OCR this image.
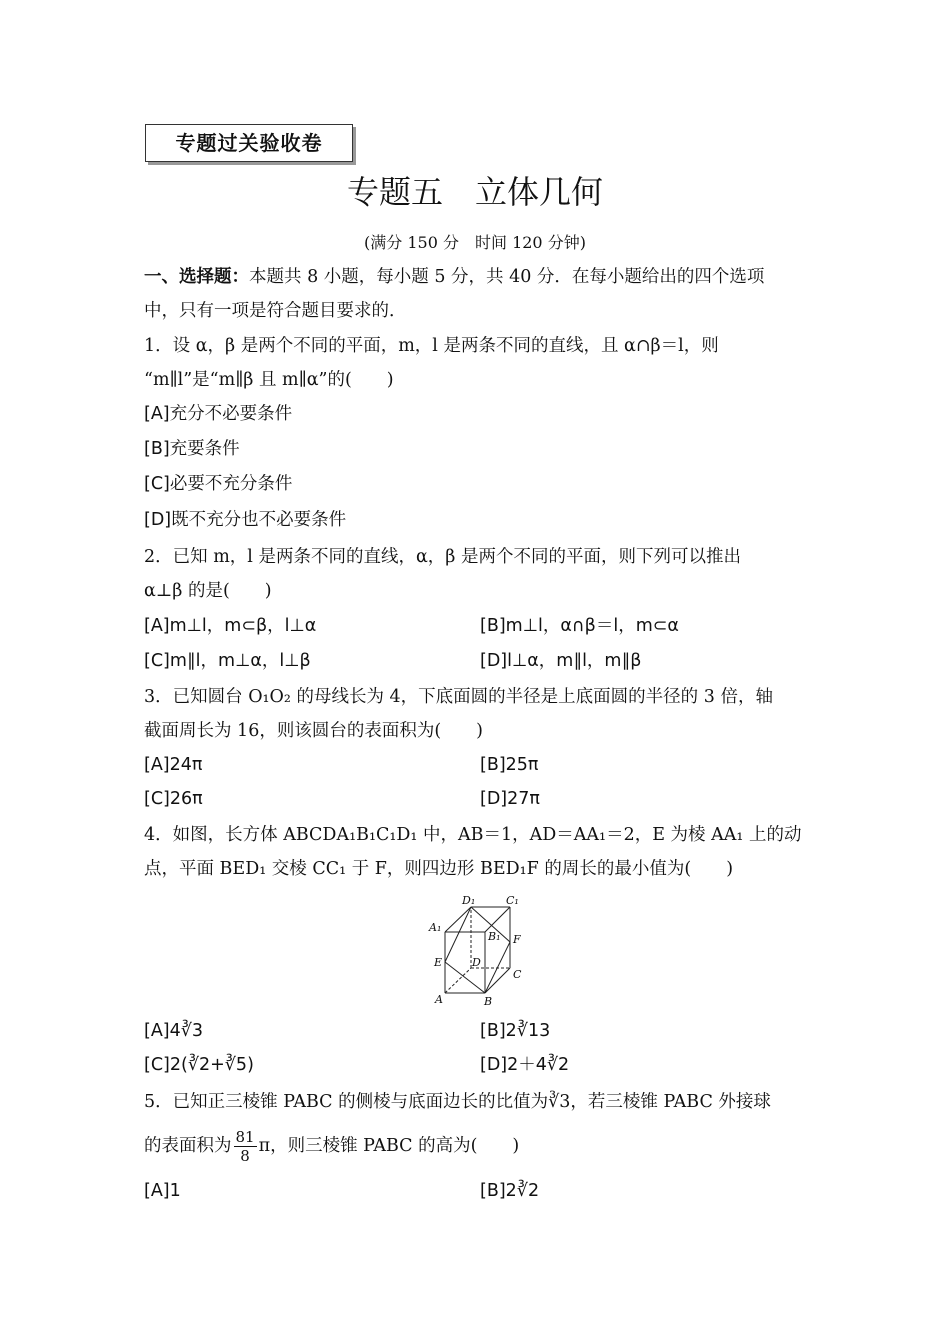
专题过关验收卷
专题五　立体几何
(满分 150 分　时间 120 分钟)
一、选择题：本题共 8 小题，每小题 5 分，共 40 分．在每小题给出的四个选项
中，只有一项是符合题目要求的．
1．设 α，β 是两个不同的平面，m，l 是两条不同的直线，且 α∩β＝l，则
“m∥l”是“m∥β 且 m∥α”的(　　)
[A]充分不必要条件
[B]充要条件
[C]必要不充分条件
[D]既不充分也不必要条件
2．已知 m，l 是两条不同的直线，α，β 是两个不同的平面，则下列可以推出
α⊥β 的是(　　)
[A]m⊥l，m⊂β，l⊥α	[B]m⊥l，α∩β＝l，m⊂α
[C]m∥l，m⊥α，l⊥β	[D]l⊥α，m∥l，m∥β
3．已知圆台 O₁O₂ 的母线长为 4，下底面圆的半径是上底面圆的半径的 3 倍，轴
截面周长为 16，则该圆台的表面积为(　　)
[A]24π	[B]25π
[C]26π	[D]27π
4．如图，长方体 ABCDA₁B₁C₁D₁ 中，AB＝1，AD＝AA₁＝2，E 为棱 AA₁ 上的动
点，平面 BED₁ 交棱 CC₁ 于 F，则四边形 BED₁F 的周长的最小值为(　　)
D₁	C₁
A₁
B₁
E
F
D
C
A	B
[A]4∛3	[B]2∛13
[C]2(∛2+∛5)	[D]2＋4∛2
5．已知正三棱锥 PABC 的侧棱与底面边长的比值为∛3，若三棱锥 PABC 外接球
的表面积为 $\frac{81}{8}$ π，则三棱锥 PABC 的高为(　　)
[A]1	[B]2∛2
